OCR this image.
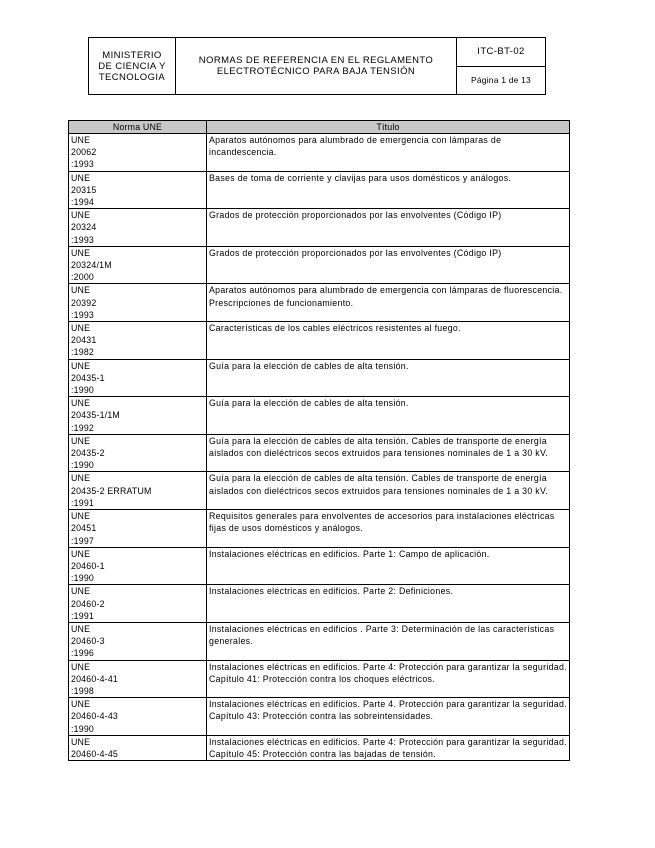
MINISTERIO
DE CIENCIA Y
TECNOLOGIA

NORMAS DE REFERENCIA EN EL REGLAMENTO
ELECTROTÉCNICO PARA BAJA TENSIÓN
	ITC-BT-02
Página 1 de 13
Norma UNE	Título

UNE
20062
:1993	Aparatos autónomos para alumbrado de emergencia con lámparas de incandescencia.

UNE
20315
:1994	Bases de toma de corriente y clavijas para usos domésticos y análogos.

UNE
20324
:1993	Grados de protección proporcionados por las envolventes (Código IP)

UNE
20324/1M
:2000	Grados de protección proporcionados por las envolventes (Código IP)

UNE
20392
:1993	Aparatos autónomos para alumbrado de emergencia con lámparas de fluorescencia. Prescripciones de funcionamiento.

UNE
20431
:1982	Características de los cables eléctricos resistentes al fuego.

UNE
20435-1
:1990	Guía para la elección de cables de alta tensión.

UNE
20435-1/1M
:1992	Guía para la elección de cables de alta tensión.

UNE
20435-2
:1990	Guía para la elección de cables de alta tensión. Cables de transporte de energía aislados con dieléctricos secos extruidos para tensiones nominales de 1 a 30 kV.

UNE
20435-2 ERRATUM
:1991	Guía para la elección de cables de alta tensión. Cables de transporte de energía aislados con dieléctricos secos extruidos para tensiones nominales de 1 a 30 kV.

UNE
20451
:1997	Requisitos generales para envolventes de accesorios para instalaciones eléctricas fijas de usos domésticos y análogos.

UNE
20460-1
:1990	Instalaciones eléctricas en edificios. Parte 1: Campo de aplicación.

UNE
20460-2
:1991	Instalaciones eléctricas en edificios. Parte 2: Definiciones.

UNE
20460-3
:1996	Instalaciones eléctricas en edificios . Parte 3: Determinación de las características generales.

UNE
20460-4-41
:1998	Instalaciones eléctricas en edificios. Parte 4: Protección para garantizar la seguridad. Capítulo 41: Protección contra los choques eléctricos.

UNE
20460-4-43
:1990	Instalaciones eléctricas en edificios. Parte 4. Protección para garantizar la seguridad. Capítulo 43: Protección contra las sobreintensidades.

UNE
20460-4-45	Instalaciones eléctricas en edificios. Parte 4: Protección para garantizar la seguridad. Capítulo 45: Protección contra las bajadas de tensión.
